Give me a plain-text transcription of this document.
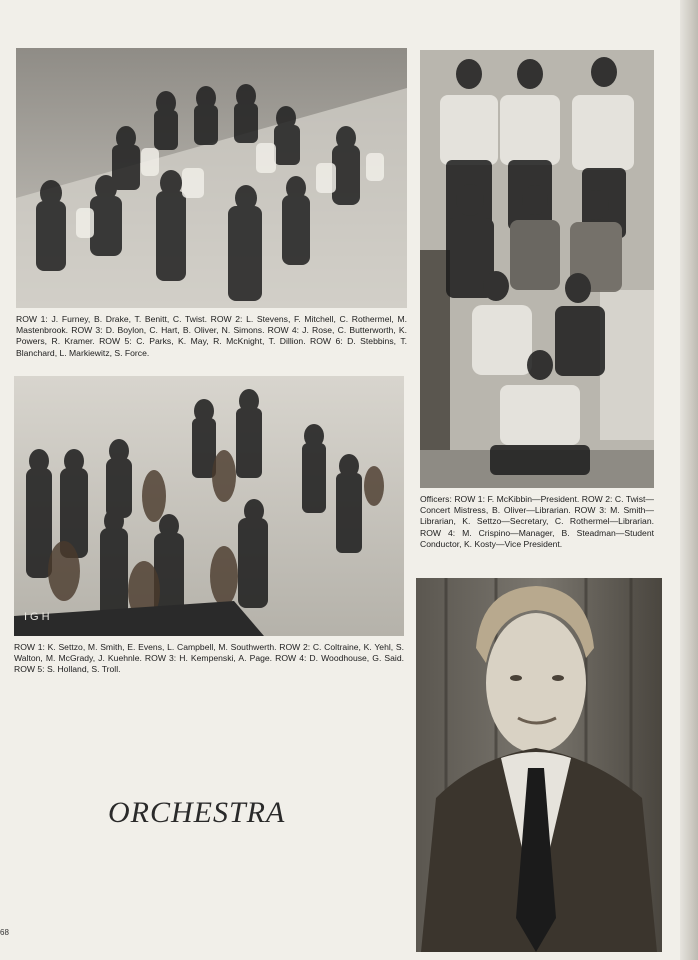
ROW 1: J. Furney, B. Drake, T. Benitt, C. Twist. ROW 2: L. Stevens, F. Mitchell, C. Rothermel, M. Mastenbrook. ROW 3: D. Boylon, C. Hart, B. Oliver, N. Simons. ROW 4: J. Rose, C. Butterworth, K. Powers, R. Kramer. ROW 5: C. Parks, K. May, R. McKnight, T. Dillion. ROW 6: D. Stebbins, T. Blanchard, L. Markiewitz, S. Force.
IGH
ROW 1: K. Settzo, M. Smith, E. Evens, L. Campbell, M. Southwerth. ROW 2: C. Coltraine, K. Yehl, S. Walton, M. McGrady, J. Kuehnle. ROW 3: H. Kempenski, A. Page. ROW 4: D. Woodhouse, G. Said. ROW 5: S. Holland, S. Troll.
Officers: ROW 1: F. McKibbin—President. ROW 2: C. Twist—Concert Mistress, B. Oliver—Librarian. ROW 3: M. Smith—Librarian, K. Settzo—Secretary, C. Rothermel—Librarian. ROW 4: M. Crispino—Manager, B. Steadman—Student Conductor, K. Kosty—Vice President.
ORCHESTRA
68
